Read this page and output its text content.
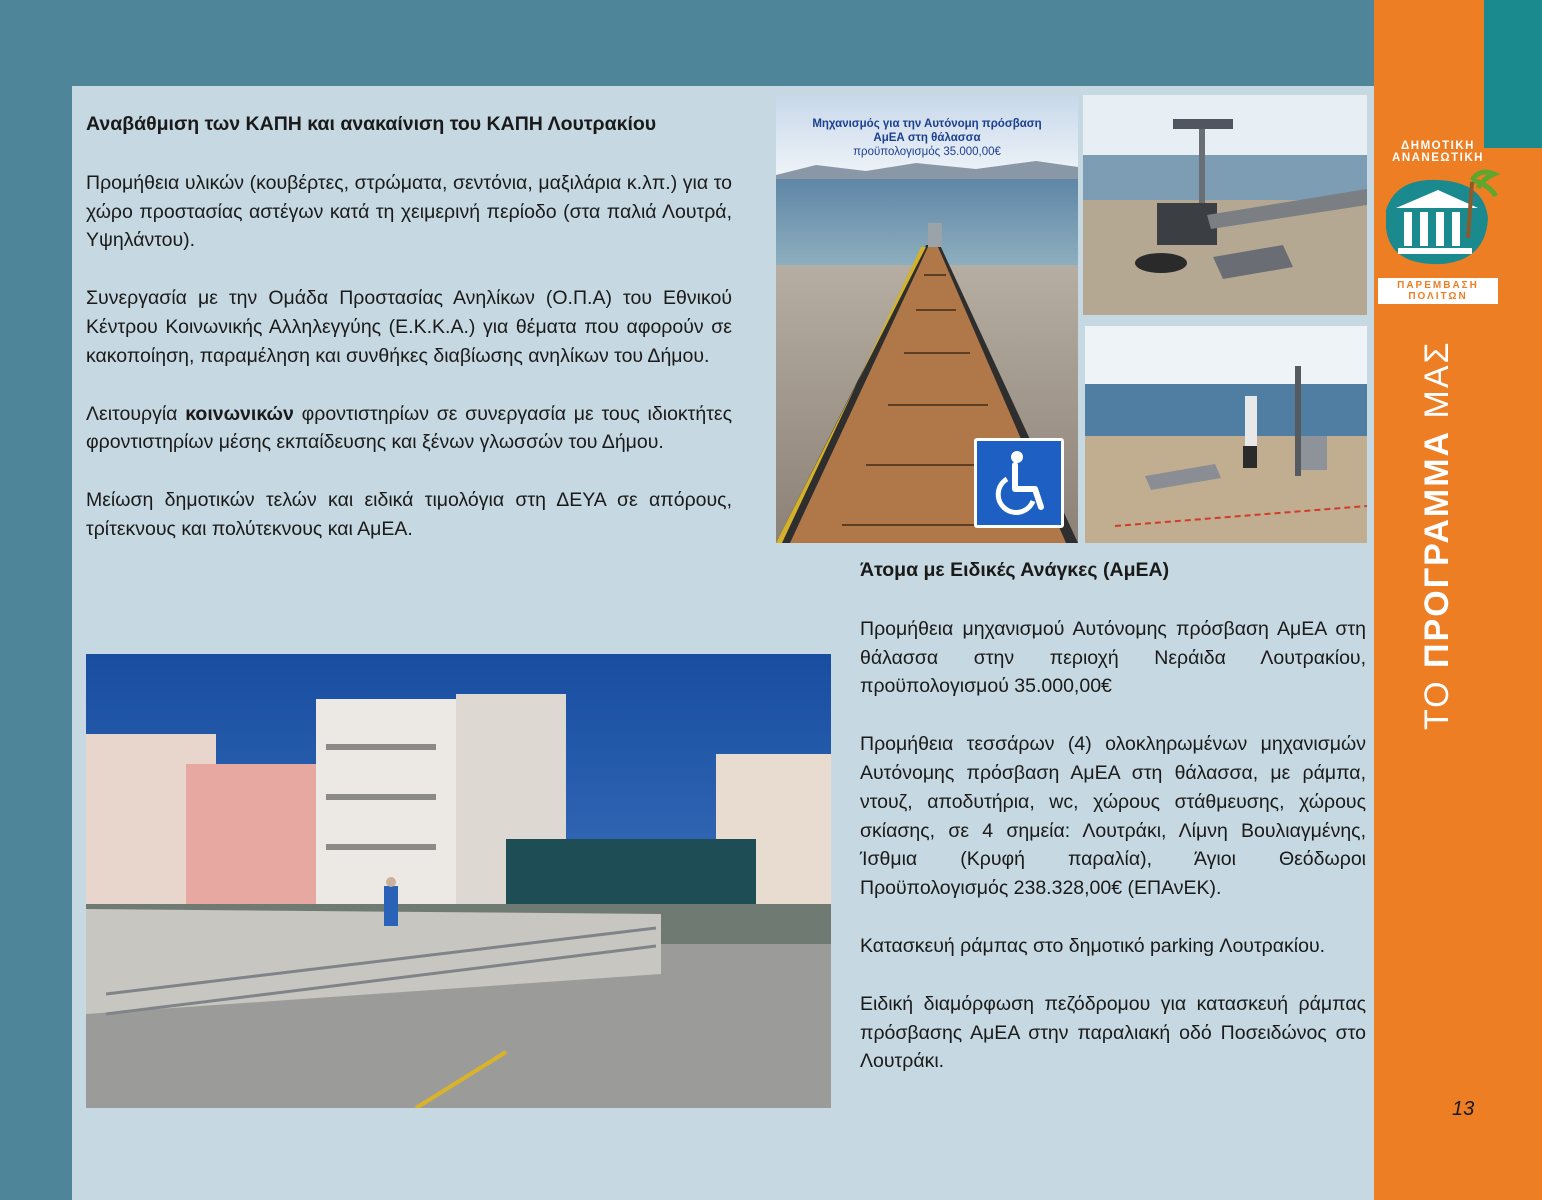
Αναβάθμιση των ΚΑΠΗ και ανακαίνιση του ΚΑΠΗ Λουτρακίου

Προμήθεια υλικών (κουβέρτες, στρώματα, σεντόνια, μαξιλάρια κ.λπ.) για το χώρο προστασίας αστέγων κατά τη χειμερινή περίοδο (στα παλιά Λουτρά, Υψηλάντου).

Συνεργασία με την Ομάδα Προστασίας Ανηλίκων (Ο.Π.Α) του Εθνικού Κέντρου Κοινωνικής Αλληλεγγύης (Ε.Κ.Κ.Α.) για θέματα που αφορούν σε κακοποίηση, παραμέληση και συνθήκες διαβίωσης ανηλίκων του Δήμου.

Λειτουργία κοινωνικών φροντιστηρίων σε συνεργασία με τους ιδιοκτήτες φροντιστηρίων μέσης εκπαίδευσης και ξένων γλωσσών του Δήμου.

Μείωση δημοτικών τελών και ειδικά τιμολόγια στη ΔΕΥΑ σε απόρους, τρίτεκνους και πολύτεκνους και ΑμΕΑ.

Άτομα με Ειδικές Ανάγκες (ΑμΕΑ)

Προμήθεια μηχανισμού Αυτόνομης πρόσβαση ΑμΕΑ στη θάλασσα στην περιοχή Νεράιδα Λουτρακίου, προϋπολογισμού 35.000,00€

Προμήθεια τεσσάρων (4) ολοκληρωμένων μηχανισμών Αυτόνομης πρόσβαση ΑμΕΑ στη θάλασσα, με ράμπα, ντουζ, αποδυτήρια, wc, χώρους στάθμευσης, χώρους σκίασης, σε 4 σημεία: Λουτράκι, Λίμνη Βουλιαγμένης, Ίσθμια (Κρυφή παραλία), Άγιοι Θεόδωροι Προϋπολογισμός 238.328,00€ (ΕΠΑνΕΚ).

Κατασκευή ράμπας στο δημοτικό parking Λουτρακίου.

Ειδική διαμόρφωση πεζόδρομου για κατασκευή ράμπας πρόσβασης ΑμΕΑ στην παραλιακή οδό Ποσειδώνος στο Λουτράκι.

Μηχανισμός για την Αυτόνομη πρόσβαση
ΑμΕΑ στη θάλασσα
προϋπολογισμός 35.000,00€	ΔΗΜΟΤΙΚΗ
ΑΝΑΝΕΩΤΙΚΗ
ΠΑΡΕΜΒΑΣΗ
ΠΟΛΙΤΩΝ
ΤΟ ΠΡΟΓΡΑΜΜΑ ΜΑΣ
13
